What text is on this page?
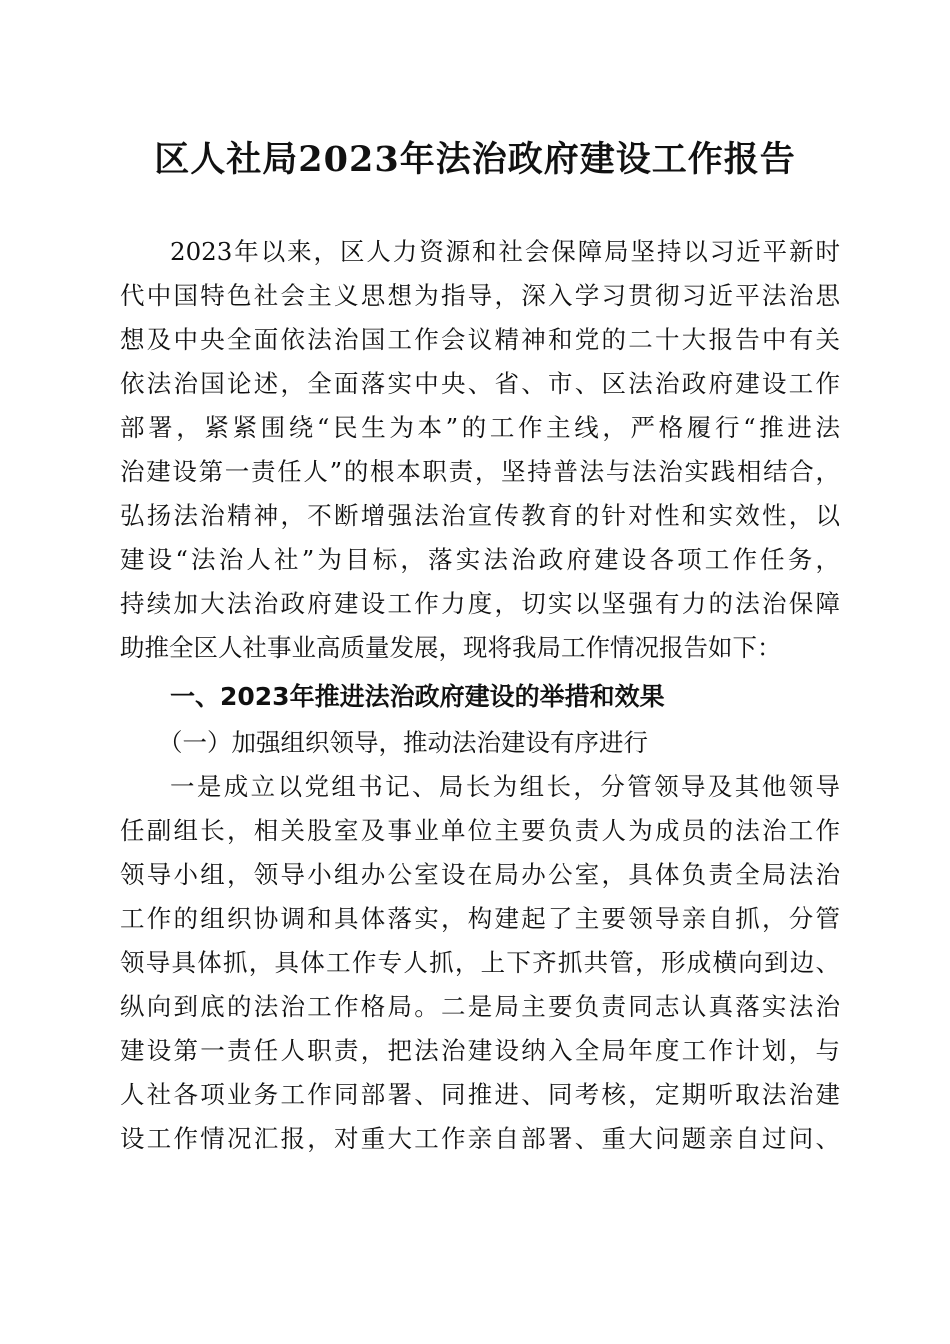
区人社局2023年法治政府建设工作报告
2023年以来，区人力资源和社会保障局坚持以习近平新时
代中国特色社会主义思想为指导，深入学习贯彻习近平法治思
想及中央全面依法治国工作会议精神和党的二十大报告中有关
依法治国论述，全面落实中央、省、市、区法治政府建设工作
部署，紧紧围绕“民生为本”的工作主线，严格履行“推进法
治建设第一责任人”的根本职责，坚持普法与法治实践相结合，
弘扬法治精神，不断增强法治宣传教育的针对性和实效性，以
建设“法治人社”为目标，落实法治政府建设各项工作任务，
持续加大法治政府建设工作力度，切实以坚强有力的法治保障
助推全区人社事业高质量发展，现将我局工作情况报告如下：
一、2023年推进法治政府建设的举措和效果
（一）加强组织领导，推动法治建设有序进行
一是成立以党组书记、局长为组长，分管领导及其他领导
任副组长，相关股室及事业单位主要负责人为成员的法治工作
领导小组，领导小组办公室设在局办公室，具体负责全局法治
工作的组织协调和具体落实，构建起了主要领导亲自抓，分管
领导具体抓，具体工作专人抓，上下齐抓共管，形成横向到边、
纵向到底的法治工作格局。二是局主要负责同志认真落实法治
建设第一责任人职责，把法治建设纳入全局年度工作计划，与
人社各项业务工作同部署、同推进、同考核，定期听取法治建
设工作情况汇报，对重大工作亲自部署、重大问题亲自过问、
